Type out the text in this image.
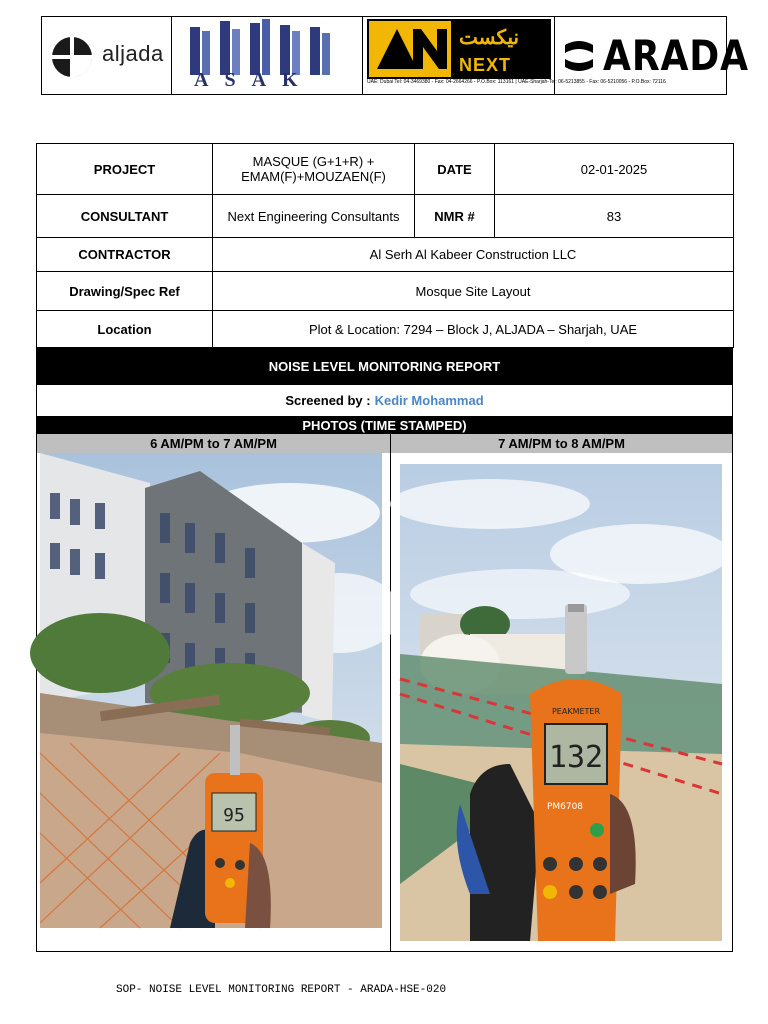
aljada
ASAK
نيكست
NEXT
UAE: Dubai Tel: 04-3469380 - Fax: 04-2664266 - P.O.Box: 113161 | UAE-Sharjah-Tel: 06-5213855 - Fax: 06-5210056 - P.O.Box: 72116
ARADA
PROJECT	MASQUE (G+1+R) + EMAM(F)+MOUZAEN(F)	DATE	02-01-2025
CONSULTANT	Next Engineering Consultants	NMR #	83
CONTRACTOR	Al Serh Al Kabeer Construction LLC		
Drawing/Spec Ref	Mosque Site Layout		
Location	Plot & Location: 7294 – Block J, ALJADA – Sharjah, UAE		
NOISE LEVEL MONITORING REPORT
Screened by : Kedir Mohammad
PHOTOS (TIME STAMPED)
6 AM/PM to 7 AM/PM	7 AM/PM to 8 AM/PM
95
PEAKMETER
132
PM6708
SOP- NOISE LEVEL MONITORING REPORT - ARADA-HSE-020
